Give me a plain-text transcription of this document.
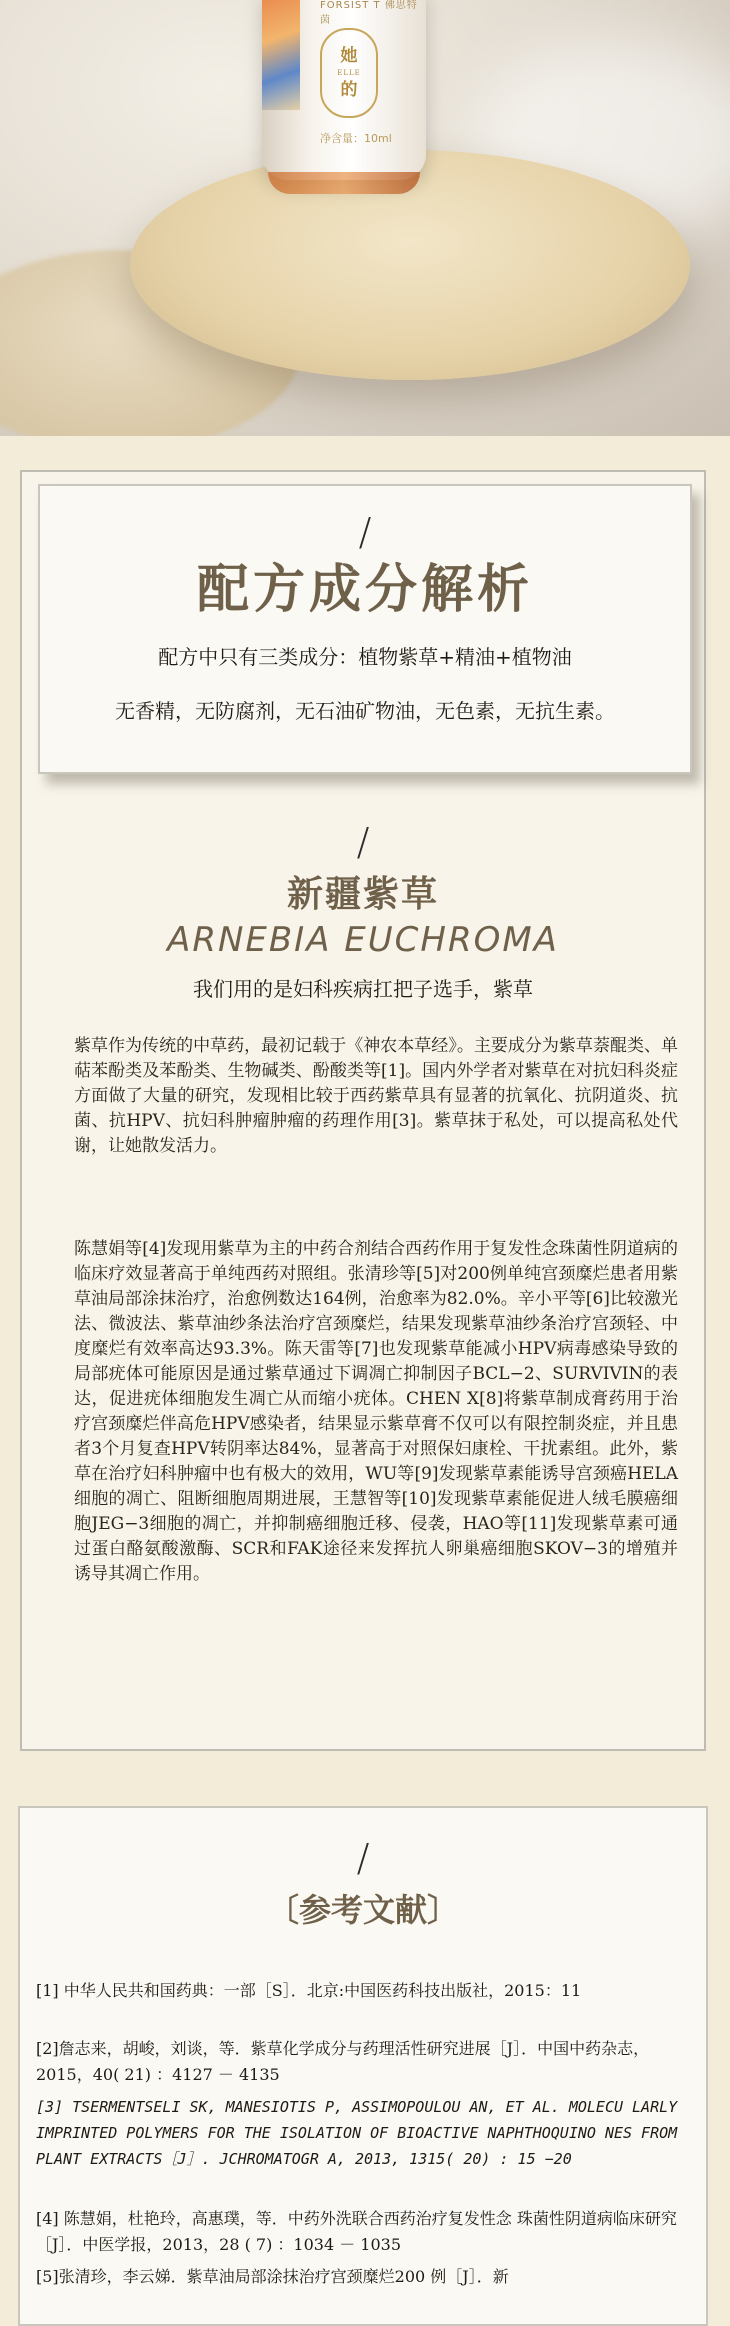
FORSIST T 佛思特茵
她
ELLE
的
净含量：10ml
/
配方成分解析
配方中只有三类成分：植物紫草+精油+植物油
无香精，无防腐剂，无石油矿物油，无色素，无抗生素。
/
新疆紫草
ARNEBIA EUCHROMA
我们用的是妇科疾病扛把子选手，紫草
紫草作为传统的中草药，最初记载于《神农本草经》。主要成分为紫草萘醌类、单萜苯酚类及苯酚类、生物碱类、酚酸类等[1]。国内外学者对紫草在对抗妇科炎症方面做了大量的研究，发现相比较于西药紫草具有显著的抗氧化、抗阴道炎、抗菌、抗HPV、抗妇科肿瘤肿瘤的药理作用[3]。紫草抹于私处，可以提高私处代谢，让她散发活力。
陈慧娟等[4]发现用紫草为主的中药合剂结合西药作用于复发性念珠菌性阴道病的临床疗效显著高于单纯西药对照组。张清珍等[5]对200例单纯宫颈糜烂患者用紫草油局部涂抹治疗，治愈例数达164例，治愈率为82.0%。辛小平等[6]比较激光法、微波法、紫草油纱条法治疗宫颈糜烂，结果发现紫草油纱条治疗宫颈轻、中度糜烂有效率高达93.3%。陈天雷等[7]也发现紫草能减小HPV病毒感染导致的局部疣体可能原因是通过紫草通过下调凋亡抑制因子BCL−2、SURVIVIN的表达，促进疣体细胞发生凋亡从而缩小疣体。CHEN X[8]将紫草制成膏药用于治疗宫颈糜烂伴高危HPV感染者，结果显示紫草膏不仅可以有限控制炎症，并且患者3个月复查HPV转阴率达84%，显著高于对照保妇康栓、干扰素组。此外，紫草在治疗妇科肿瘤中也有极大的效用，WU等[9]发现紫草素能诱导宫颈癌HELA细胞的凋亡、阻断细胞周期进展，王慧智等[10]发现紫草素能促进人绒毛膜癌细胞JEG−3细胞的凋亡，并抑制癌细胞迁移、侵袭，HAO等[11]发现紫草素可通过蛋白酪氨酸激酶、SCR和FAK途径来发挥抗人卵巢癌细胞SKOV−3的增殖并诱导其凋亡作用。
/
〔参考文献〕
[1] 中华人民共和国药典：一部［S］．北京:中国医药科技出版社，2015：11
[2]詹志来，胡峻，刘谈，等．紫草化学成分与药理活性研究进展［J］．中国中药杂志，2015，40( 21) ：4127 － 4135
[3] TSERMENTSELI SK, MANESIOTIS P, ASSIMOPOULOU AN, ET AL. MOLECU LARLY IMPRINTED POLYMERS FOR THE ISOLATION OF BIOACTIVE NAPHTHOQUINO NES FROM PLANT EXTRACTS［J］. JCHROMATOGR A, 2013, 1315( 20) : 15 −20
[4] 陈慧娟，杜艳玲，高惠璞，等．中药外洗联合西药治疗复发性念 珠菌性阴道病临床研究［J］．中医学报，2013，28 ( 7) ：1034 － 1035
[5]张清珍，李云娣．紫草油局部涂抹治疗宫颈糜烂200 例［J］．新
